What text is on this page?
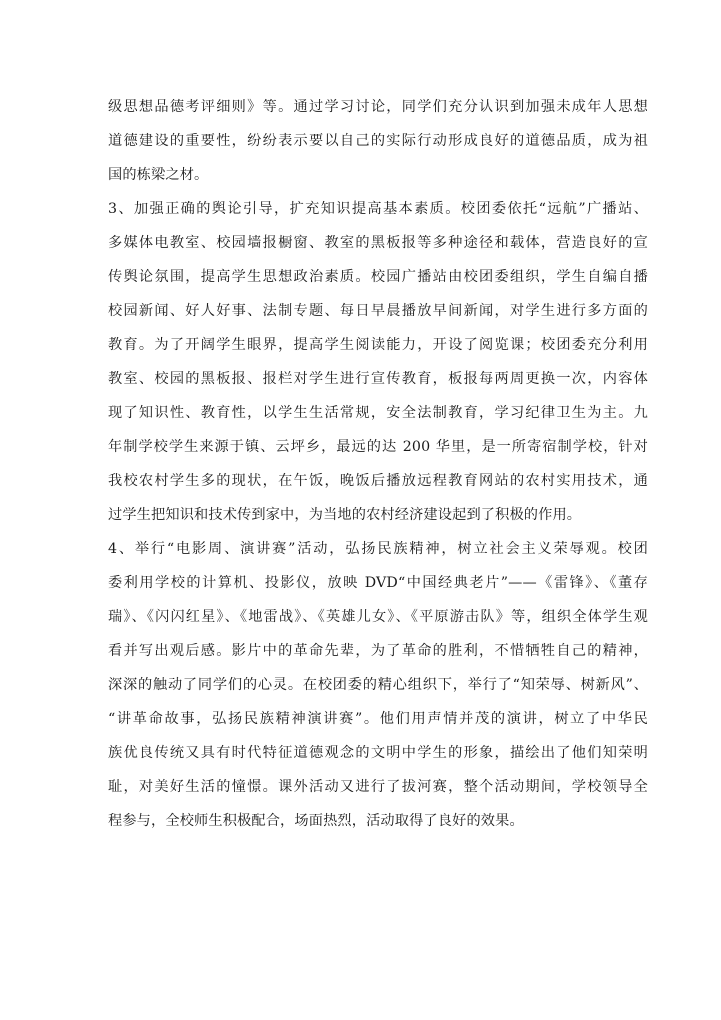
级思想品德考评细则》等。通过学习讨论，同学们充分认识到加强未成年人思想
道德建设的重要性，纷纷表示要以自己的实际行动形成良好的道德品质，成为祖
国的栋梁之材。
3、加强正确的舆论引导，扩充知识提高基本素质。校团委依托“远航”广播站、
多媒体电教室、校园墙报橱窗、教室的黑板报等多种途径和载体，营造良好的宣
传舆论氛围，提高学生思想政治素质。校园广播站由校团委组织，学生自编自播
校园新闻、好人好事、法制专题、每日早晨播放早间新闻，对学生进行多方面的
教育。为了开阔学生眼界，提高学生阅读能力，开设了阅览课；校团委充分利用
教室、校园的黑板报、报栏对学生进行宣传教育，板报每两周更换一次，内容体
现了知识性、教育性，以学生生活常规，安全法制教育，学习纪律卫生为主。九
年制学校学生来源于镇、云坪乡，最远的达 200 华里，是一所寄宿制学校，针对
我校农村学生多的现状，在午饭，晚饭后播放远程教育网站的农村实用技术，通
过学生把知识和技术传到家中，为当地的农村经济建设起到了积极的作用。
4、举行“电影周、演讲赛”活动，弘扬民族精神，树立社会主义荣辱观。校团
委利用学校的计算机、投影仪，放映 DVD“中国经典老片”——《雷锋》、《董存
瑞》、《闪闪红星》、《地雷战》、《英雄儿女》、《平原游击队》等，组织全体学生观
看并写出观后感。影片中的革命先辈，为了革命的胜利，不惜牺牲自己的精神，
深深的触动了同学们的心灵。在校团委的精心组织下，举行了“知荣辱、树新风”、
“讲革命故事，弘扬民族精神演讲赛”。他们用声情并茂的演讲，树立了中华民
族优良传统又具有时代特征道德观念的文明中学生的形象，描绘出了他们知荣明
耻，对美好生活的憧憬。课外活动又进行了拔河赛，整个活动期间，学校领导全
程参与，全校师生积极配合，场面热烈，活动取得了良好的效果。
